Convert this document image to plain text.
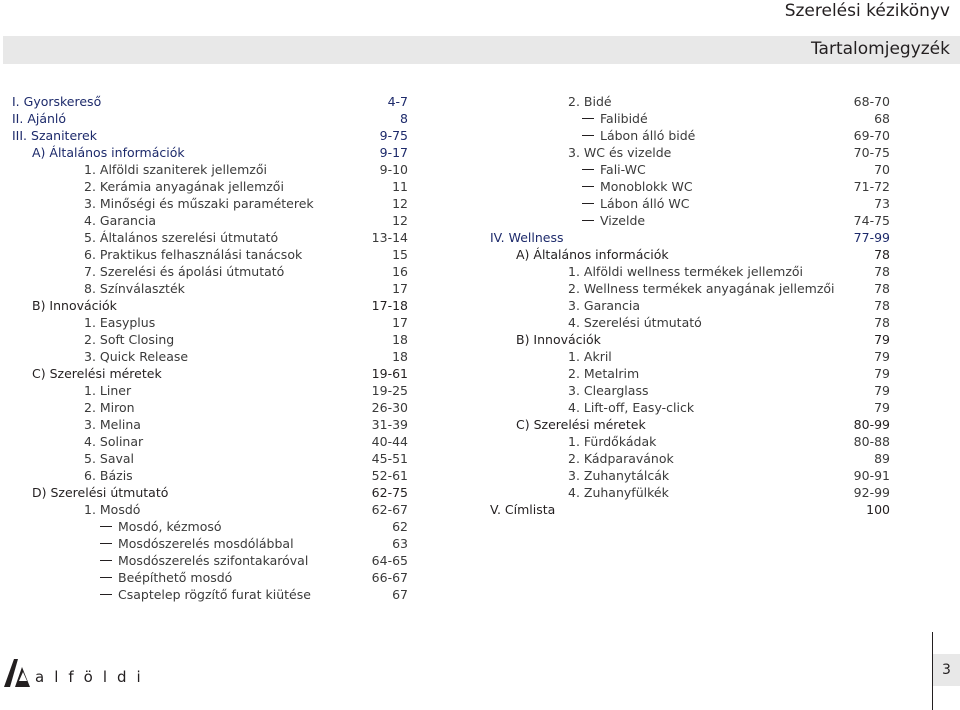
Szerelési kézikönyv
Tartalomjegyzék
I. Gyorskereső	4-7
II. Ajánló	8
III. Szaniterek	9-75
A) Általános információk	9-17
1. Alföldi szaniterek jellemzői	9-10
2. Kerámia anyagának jellemzői	11
3. Minőségi és műszaki paraméterek	12
4. Garancia	12
5. Általános szerelési útmutató	13-14
6. Praktikus felhasználási tanácsok	15
7. Szerelési és ápolási útmutató	16
8. Színválaszték	17
B) Innovációk	17-18
1. Easyplus	17
2. Soft Closing	18
3. Quick Release	18
C) Szerelési méretek	19-61
1. Liner	19-25
2. Miron	26-30
3. Melina	31-39
4. Solinar	40-44
5. Saval	45-51
6. Bázis	52-61
D) Szerelési útmutató	62-75
1. Mosdó	62-67
Mosdó, kézmosó	62
Mosdószerelés mosdólábbal	63
Mosdószerelés szifontakaróval	64-65
Beépíthető mosdó	66-67
Csaptelep rögzítő furat kiütése	67
2. Bidé	68-70
Falibidé	68
Lábon álló bidé	69-70
3. WC és vizelde	70-75
Fali-WC	70
Monoblokk WC	71-72
Lábon álló WC	73
Vizelde	74-75
IV. Wellness	77-99
A) Általános információk	78
1. Alföldi wellness termékek jellemzői	78
2. Wellness termékek anyagának jellemzői	78
3. Garancia	78
4. Szerelési útmutató	78
B) Innovációk	79
1. Akril	79
2. Metalrim	79
3. Clearglass	79
4. Lift-off, Easy-click	79
C) Szerelési méretek	80-99
1. Fürdőkádak	80-88
2. Kádparavánok	89
3. Zuhanytálcák	90-91
4. Zuhanyfülkék	92-99
V. Címlista	100
alföldi	3
